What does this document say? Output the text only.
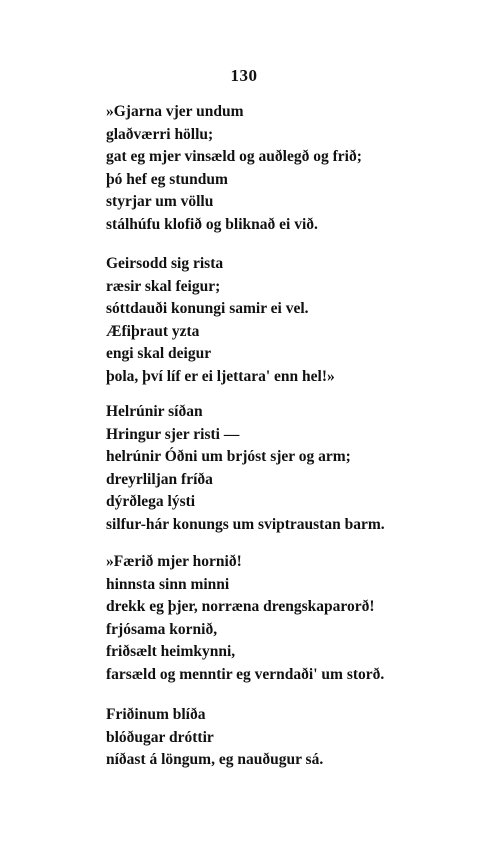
130
»Gjarna vjer undum
glaðværri höllu;
gat eg mjer vinsæld og auðlegð og frið;
þó hef eg stundum
styrjar um völlu
stálhúfu klofið og bliknað ei við.
Geirsodd sig rista
ræsir skal feigur;
sóttdauði konungi samir ei vel.
Æfiþraut yzta
engi skal deigur
þola, því líf er ei ljettara' enn hel!»
Helrúnir síðan
Hringur sjer risti —
helrúnir Óðni um brjóst sjer og arm;
dreyrliljan fríða
dýrðlega lýsti
silfur-hár konungs um sviptraustan barm.
»Færið mjer hornið!
hinnsta sinn minni
drekk eg þjer, norræna drengskaparorð!
frjósama kornið,
friðsælt heimkynni,
farsæld og menntir eg verndaði' um storð.
Friðinum blíða
blóðugar dróttir
níðast á löngum, eg nauðugur sá.
